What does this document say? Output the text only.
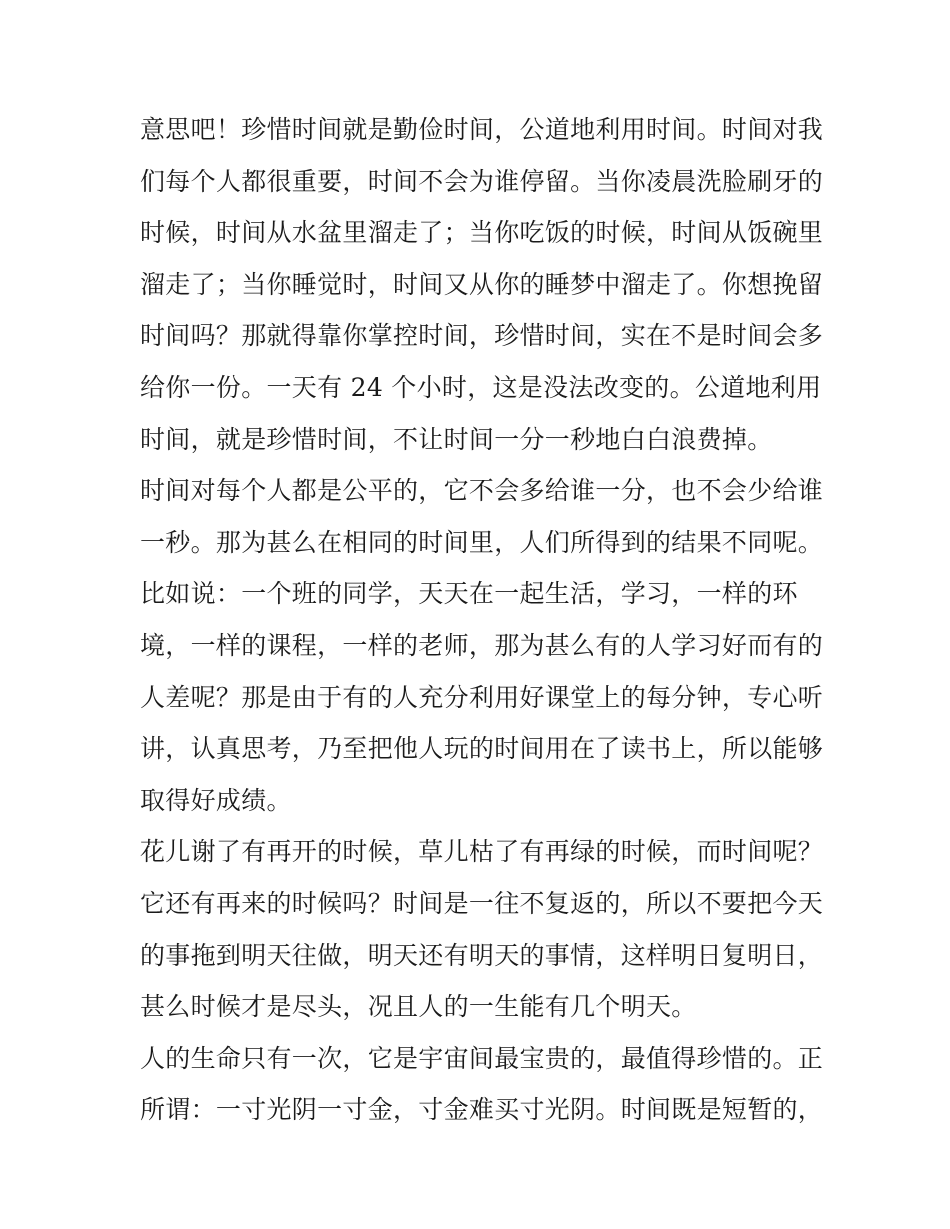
意思吧！珍惜时间就是勤俭时间，公道地利用时间。时间对我
们每个人都很重要，时间不会为谁停留。当你凌晨洗脸刷牙的
时候，时间从水盆里溜走了；当你吃饭的时候，时间从饭碗里
溜走了；当你睡觉时，时间又从你的睡梦中溜走了。你想挽留
时间吗？那就得靠你掌控时间，珍惜时间，实在不是时间会多
给你一份。一天有 24 个小时，这是没法改变的。公道地利用
时间，就是珍惜时间，不让时间一分一秒地白白浪费掉。
时间对每个人都是公平的，它不会多给谁一分，也不会少给谁
一秒。那为甚么在相同的时间里，人们所得到的结果不同呢。
比如说：一个班的同学，天天在一起生活，学习，一样的环
境，一样的课程，一样的老师，那为甚么有的人学习好而有的
人差呢？那是由于有的人充分利用好课堂上的每分钟，专心听
讲，认真思考，乃至把他人玩的时间用在了读书上，所以能够
取得好成绩。
花儿谢了有再开的时候，草儿枯了有再绿的时候，而时间呢？
它还有再来的时候吗？时间是一往不复返的，所以不要把今天
的事拖到明天往做，明天还有明天的事情，这样明日复明日，
甚么时候才是尽头，况且人的一生能有几个明天。
人的生命只有一次，它是宇宙间最宝贵的，最值得珍惜的。正
所谓：一寸光阴一寸金，寸金难买寸光阴。时间既是短暂的，
